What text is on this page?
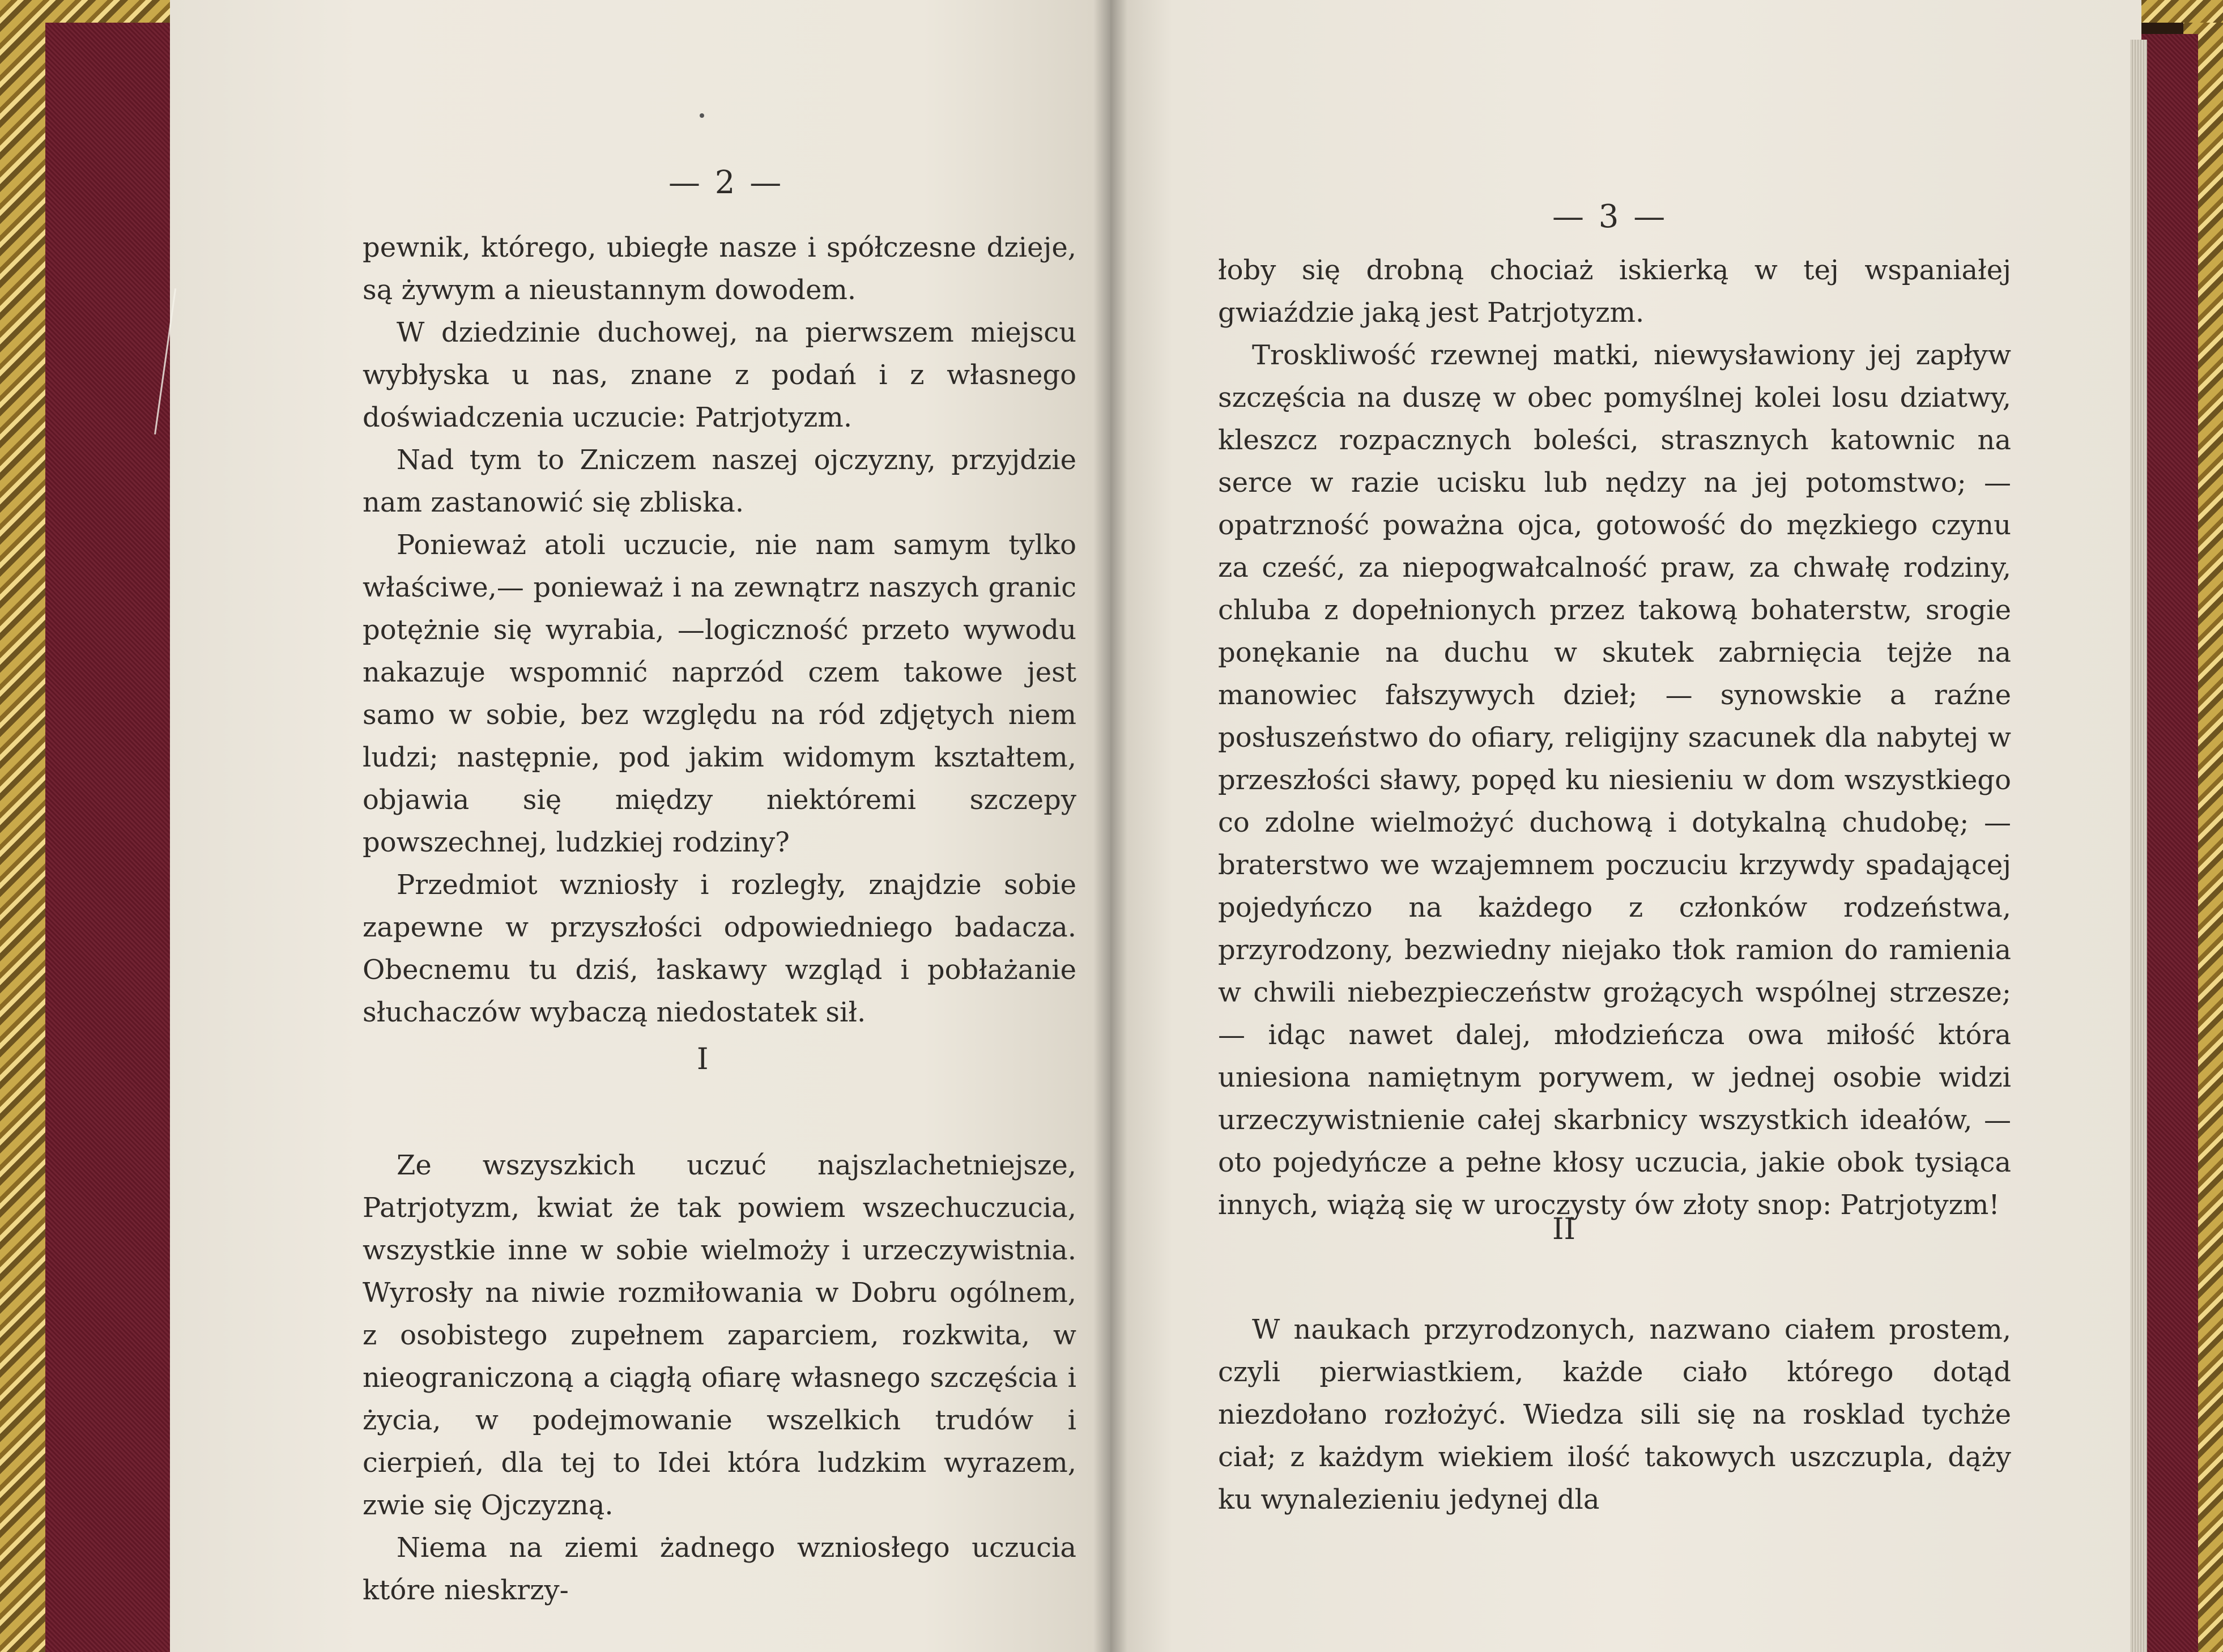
— 2 —

pewnik, którego, ubiegłe nasze i spółczesne dzieje, są żywym a nieustannym dowodem.

W dziedzinie duchowej, na pierwszem miejscu wybłyska u nas, znane z podań i z własnego doświadczenia uczucie: Patrjotyzm.

Nad tym to Zniczem naszej ojczyzny, przyjdzie nam zastanowić się zbliska.

Ponieważ atoli uczucie, nie nam samym tylko właściwe,— ponieważ i na zewnątrz naszych granic potężnie się wyrabia, —logiczność przeto wywodu nakazuje wspomnić naprzód czem takowe jest samo w sobie, bez względu na ród zdjętych niem ludzi; następnie, pod jakim widomym kształtem, objawia się między niektóremi szczepy powszechnej, ludzkiej rodziny?

Przedmiot wzniosły i rozległy, znajdzie sobie zapewne w przyszłości odpowiedniego badacza. Obecnemu tu dziś, łaskawy wzgląd i pobłażanie słuchaczów wybaczą niedostatek sił.

I

Ze wszyszkich uczuć najszlachetniejsze, Patrjotyzm, kwiat że tak powiem wszechuczucia, wszystkie inne w sobie wielmoży i urzeczywistnia. Wyrosły na niwie rozmiłowania w Dobru ogólnem, z osobistego zupełnem zaparciem, rozkwita, w nieograniczoną a ciągłą ofiarę własnego szczęścia i życia, w podejmowanie wszelkich trudów i cierpień, dla tej to Idei która ludzkim wyrazem, zwie się Ojczyzną.

Niema na ziemi żadnego wzniosłego uczucia które nieskrzy-

— 3 —

łoby się drobną chociaż iskierką w tej wspaniałej gwiaździe jaką jest Patrjotyzm.

Troskliwość rzewnej matki, niewysławiony jej zapływ szczęścia na duszę w obec pomyślnej kolei losu dziatwy, kleszcz rozpacznych boleści, strasznych katownic na serce w razie ucisku lub nędzy na jej potomstwo; — opatrzność poważna ojca, gotowość do męzkiego czynu za cześć, za niepogwałcalność praw, za chwałę rodziny, chluba z dopełnionych przez takową bohaterstw, srogie ponękanie na duchu w skutek zabrnięcia tejże na manowiec fałszywych dzieł; — synowskie a raźne posłuszeństwo do ofiary, religijny szacunek dla nabytej w przeszłości sławy, popęd ku niesieniu w dom wszystkiego co zdolne wielmożyć duchową i dotykalną chudobę; — braterstwo we wzajemnem poczuciu krzywdy spadającej pojedyńczo na każdego z członków rodzeństwa, przyrodzony, bezwiedny niejako tłok ramion do ramienia w chwili niebezpieczeństw grożących wspólnej strzesze; — idąc nawet dalej, młodzieńcza owa miłość która uniesiona namiętnym porywem, w jednej osobie widzi urzeczywistnienie całej skarbnicy wszystkich ideałów, — oto pojedyńcze a pełne kłosy uczucia, jakie obok tysiąca innych, wiążą się w uroczysty ów złoty snop: Patrjotyzm!

II

W naukach przyrodzonych, nazwano ciałem prostem, czyli pierwiastkiem, każde ciało którego dotąd niezdołano rozłożyć. Wiedza sili się na rosklad tychże ciał; z każdym wiekiem ilość takowych uszczupla, dąży ku wynalezieniu jedynej dla
